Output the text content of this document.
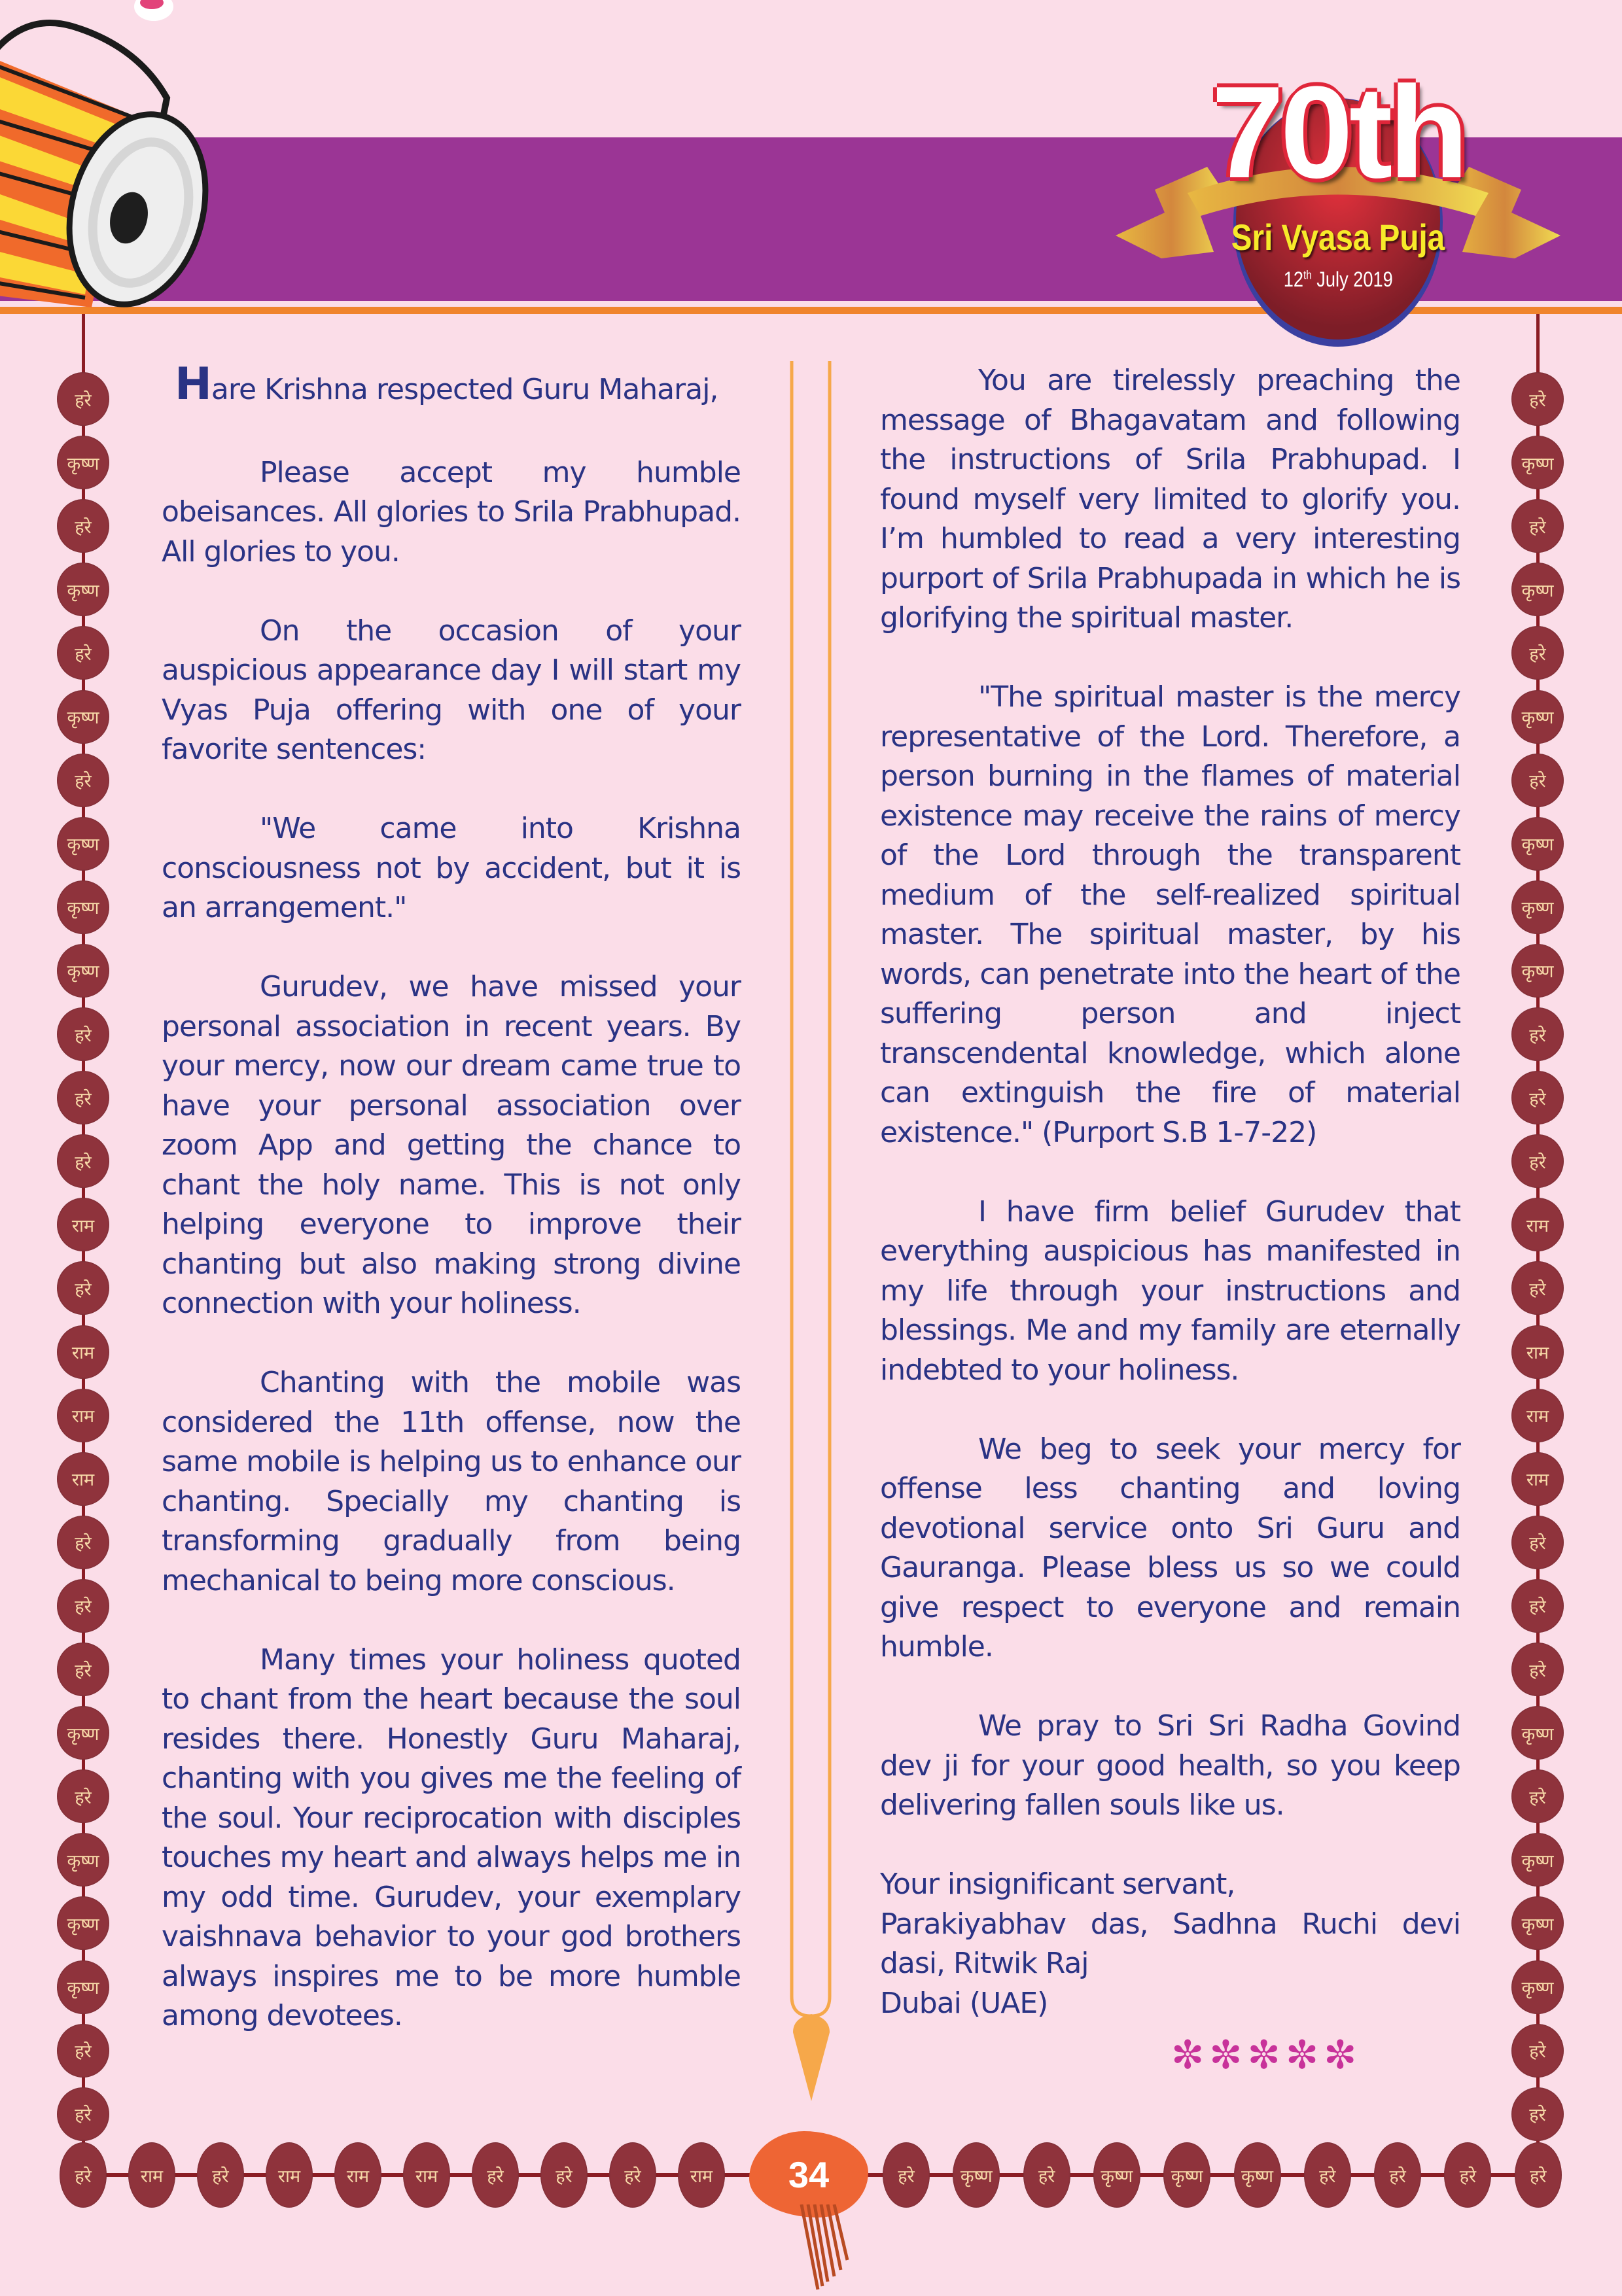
70th
Sri Vyasa Puja
12th July 2019
हरे
कृष्ण
हरे
कृष्ण
हरे
कृष्ण
हरे
कृष्ण
कृष्ण
कृष्ण
हरे
हरे
हरे
राम
हरे
राम
राम
राम
हरे
हरे
हरे
कृष्ण
हरे
कृष्ण
कृष्ण
कृष्ण
हरे
हरे
हरे
कृष्ण
हरे
कृष्ण
हरे
कृष्ण
हरे
कृष्ण
कृष्ण
कृष्ण
हरे
हरे
हरे
राम
हरे
राम
राम
राम
हरे
हरे
हरे
कृष्ण
हरे
कृष्ण
कृष्ण
कृष्ण
हरे
हरे
हरे	राम	हरे	राम	राम	राम	हरे	हरे	हरे	राम	हरे	कृष्ण	हरे	कृष्ण कृष्ण कृष्ण	हरे	हरे	हरे	हरे
34

Hare Krishna respected Guru Maharaj,

Please accept my humble obeisances. All glories to Srila Prabhupad. All glories to you.

On the occasion of your auspicious appearance day I will start my Vyas Puja offering with one of your favorite sentences:

"We came into Krishna consciousness not by accident, but it is an arrangement."

Gurudev, we have missed your personal association in recent years. By your mercy, now our dream came true to have your personal association over zoom App and getting the chance to chant the holy name. This is not only helping everyone to improve their chanting but also making strong divine connection with your holiness.

Chanting with the mobile was considered the 11th offense, now the same mobile is helping us to enhance our chanting. Specially my chanting is transforming gradually from being mechanical to being more conscious.

Many times your holiness quoted to chant from the heart because the soul resides there. Honestly Guru Maharaj, chanting with you gives me the feeling of the soul. Your reciprocation with disciples touches my heart and always helps me in my odd time. Gurudev, your exemplary vaishnava behavior to your god brothers always inspires me to be more humble among devotees.

You are tirelessly preaching the message of Bhagavatam and following the instructions of Srila Prabhupad. I found myself very limited to glorify you. I’m humbled to read a very interesting purport of Srila Prabhupada in which he is glorifying the spiritual master.

"The spiritual master is the mercy representative of the Lord. Therefore, a person burning in the flames of material existence may receive the rains of mercy of the Lord through the transparent medium of the self-realized spiritual master. The spiritual master, by his words, can penetrate into the heart of the suffering person and inject transcendental knowledge, which alone can extinguish the fire of material existence." (Purport S.B 1-7-22)

I have firm belief Gurudev that everything auspicious has manifested in my life through your instructions and blessings. Me and my family are eternally indebted to your holiness.

We beg to seek your mercy for offense less chanting and loving devotional service onto Sri Guru and Gauranga. Please bless us so we could give respect to everyone and remain humble.

We pray to Sri Sri Radha Govind dev ji for your good health, so you keep delivering fallen souls like us.

Your insignificant servant,
Parakiyabhav das, Sadhna Ruchi devi dasi, Ritwik Raj
Dubai (UAE)
✼✼✼✼✼
